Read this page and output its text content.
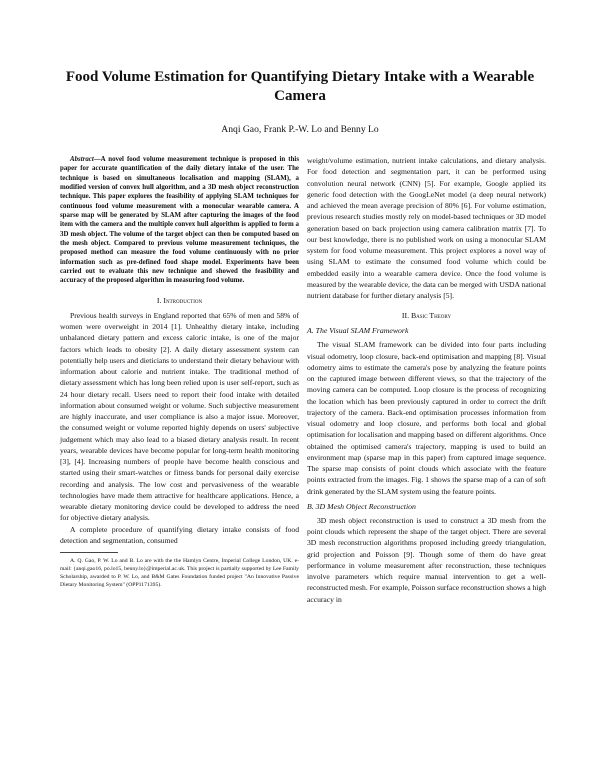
Food Volume Estimation for Quantifying Dietary Intake with a Wearable Camera
Anqi Gao, Frank P.-W. Lo and Benny Lo

Abstract—A novel food volume measurement technique is proposed in this paper for accurate quantification of the daily dietary intake of the user. The technique is based on simultaneous localisation and mapping (SLAM), a modified version of convex hull algorithm, and a 3D mesh object reconstruction technique. This paper explores the feasibility of applying SLAM techniques for continuous food volume measurement with a monocular wearable camera. A sparse map will be generated by SLAM after capturing the images of the food item with the camera and the multiple convex hull algorithm is applied to form a 3D mesh object. The volume of the target object can then be computed based on the mesh object. Compared to previous volume measurement techniques, the proposed method can measure the food volume continuously with no prior information such as pre-defined food shape model. Experiments have been carried out to evaluate this new technique and showed the feasibility and accuracy of the proposed algorithm in measuring food volume.

I. Introduction

Previous health surveys in England reported that 65% of men and 58% of women were overweight in 2014 [1]. Unhealthy dietary intake, including unbalanced dietary pattern and excess caloric intake, is one of the major factors which leads to obesity [2]. A daily dietary assessment system can potentially help users and dieticians to understand their dietary behaviour with information about calorie and nutrient intake. The traditional method of dietary assessment which has long been relied upon is user self-report, such as 24 hour dietary recall. Users need to report their food intake with detailed information about consumed weight or volume. Such subjective measurement are highly inaccurate, and user compliance is also a major issue. Moreover, the consumed weight or volume reported highly depends on users' subjective judgement which may also lead to a biased dietary analysis result. In recent years, wearable devices have become popular for long-term health monitoring [3], [4]. Increasing numbers of people have become health conscious and started using their smart-watches or fitness bands for personal daily exercise recording and analysis. The low cost and pervasiveness of the wearable technologies have made them attractive for healthcare applications. Hence, a wearable dietary monitoring device could be developed to address the need for objective dietary analysis.

A complete procedure of quantifying dietary intake consists of food detection and segmentation, consumed

A. Q. Gao, P. W. Lo and B. Lo are with the the Hamlyn Centre, Imperial College London, UK. e-mail: {anqi.gao16, po.lo15, benny.lo}@imperial.ac.uk. This project is partially supported by Lee Family Scholarship, awarded to P. W. Lo, and B&M Gates Foundation funded project "An Innovative Passive Dietary Monitoring System" (OPP1171395).

weight/volume estimation, nutrient intake calculations, and dietary analysis. For food detection and segmentation part, it can be performed using convolution neural network (CNN) [5]. For example, Google applied its generic food detection with the GoogLeNet model (a deep neural network) and achieved the mean average precision of 80% [6]. For volume estimation, previous research studies mostly rely on model-based techniques or 3D model generation based on back projection using camera calibration matrix [7]. To our best knowledge, there is no published work on using a monocular SLAM system for food volume measurement. This project explores a novel way of using SLAM to estimate the consumed food volume which could be embedded easily into a wearable camera device. Once the food volume is measured by the wearable device, the data can be merged with USDA national nutrient database for further dietary analysis [5].

II. Basic Theory
A. The Visual SLAM Framework

The visual SLAM framework can be divided into four parts including visual odometry, loop closure, back-end optimisation and mapping [8]. Visual odometry aims to estimate the camera's pose by analyzing the feature points on the captured image between different views, so that the trajectory of the moving camera can be computed. Loop closure is the process of recognizing the location which has been previously captured in order to correct the drift trajectory of the camera. Back-end optimisation processes information from visual odometry and loop closure, and performs both local and global optimisation for localisation and mapping based on different algorithms. Once obtained the optimised camera's trajectory, mapping is used to build an environment map (sparse map in this paper) from captured image sequence. The sparse map consists of point clouds which associate with the feature points extracted from the images. Fig. 1 shows the sparse map of a can of soft drink generated by the SLAM system using the feature points.

B. 3D Mesh Object Reconstruction

3D mesh object reconstruction is used to construct a 3D mesh from the point clouds which represent the shape of the target object. There are several 3D mesh reconstruction algorithms proposed including greedy triangulation, grid projection and Poisson [9]. Though some of them do have great performance in volume measurement after reconstruction, these techniques involve parameters which require manual intervention to get a well-reconstructed mesh. For example, Poisson surface reconstruction shows a high accuracy in
